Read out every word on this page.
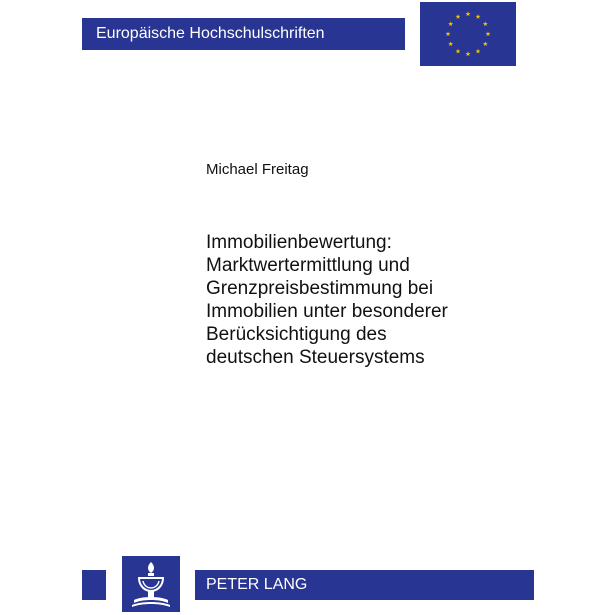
Europäische Hochschulschriften
Michael Freitag
Immobilienbewertung:
Marktwertermittlung und
Grenzpreisbestimmung bei
Immobilien unter besonderer
Berücksichtigung des
deutschen Steuersystems
PETER LANG
